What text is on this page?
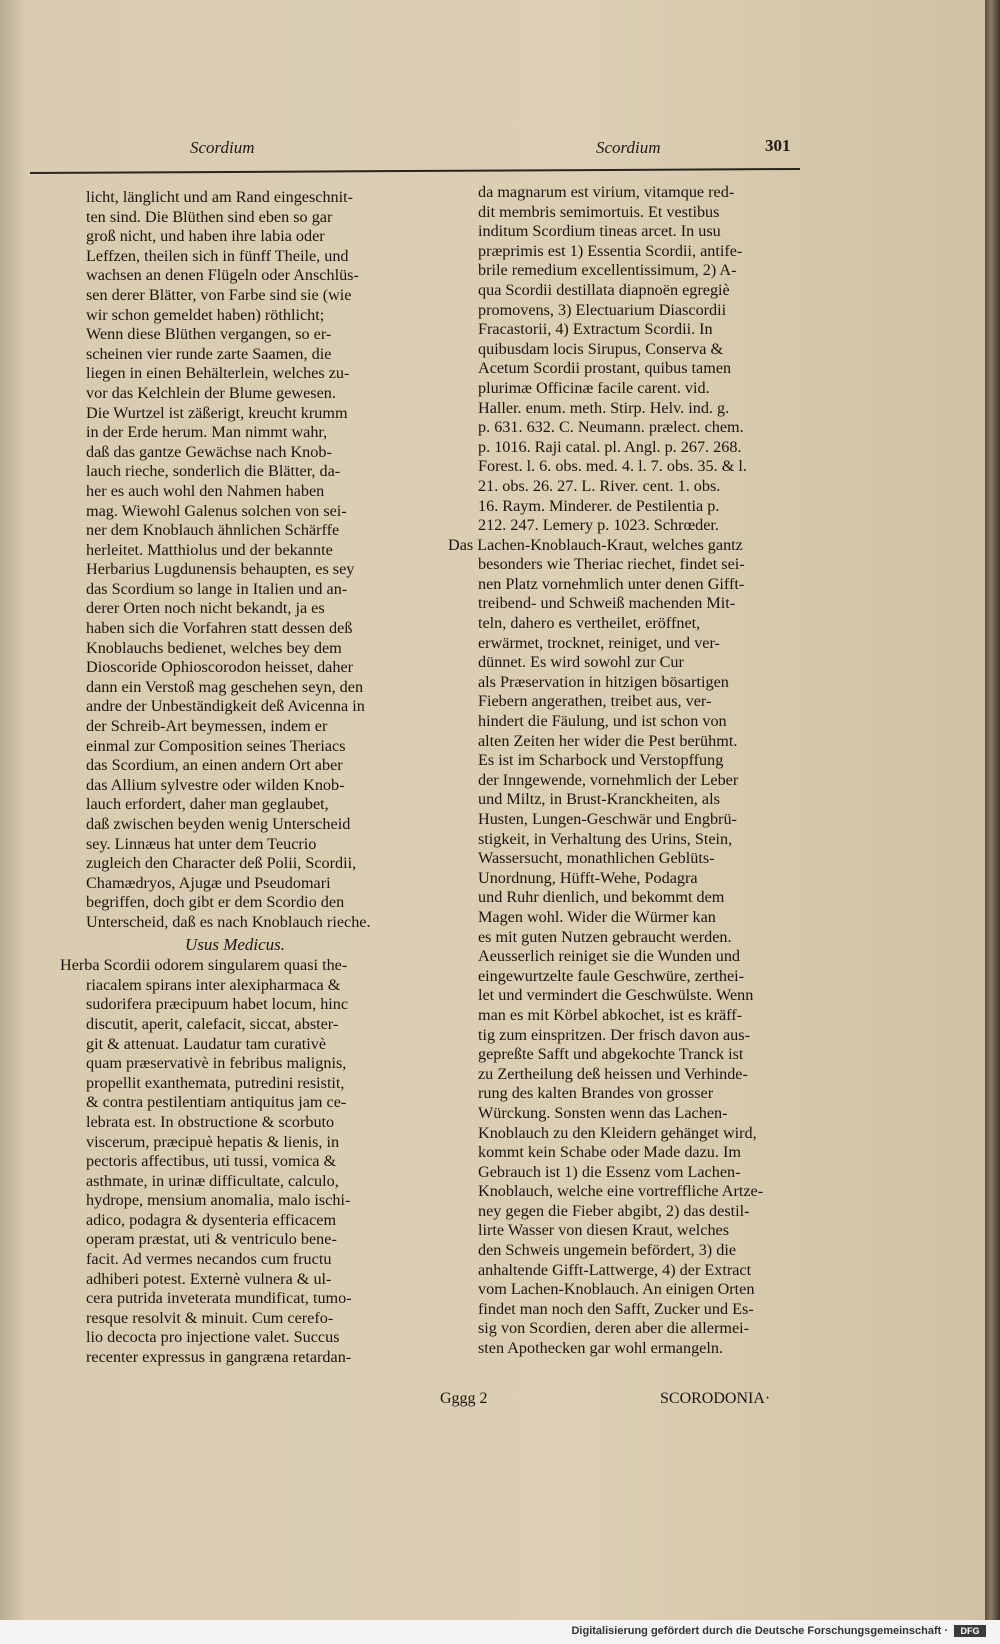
Scordium	Scordium	301
licht, länglicht und am Rand eingeschnit-
ten sind. Die Blüthen sind eben so gar
groß nicht, und haben ihre labia oder
Leffzen, theilen sich in fünff Theile, und
wachsen an denen Flügeln oder Anschlüs-
sen derer Blätter, von Farbe sind sie (wie
wir schon gemeldet haben) röthlicht;
Wenn diese Blüthen vergangen, so er-
scheinen vier runde zarte Saamen, die
liegen in einen Behälterlein, welches zu-
vor das Kelchlein der Blume gewesen.
Die Wurtzel ist zäßerigt, kreucht krumm
in der Erde herum. Man nimmt wahr,
daß das gantze Gewächse nach Knob-
lauch rieche, sonderlich die Blätter, da-
her es auch wohl den Nahmen haben
mag. Wiewohl Galenus solchen von sei-
ner dem Knoblauch ähnlichen Schärffe
herleitet. Matthiolus und der bekannte
Herbarius Lugdunensis behaupten, es sey
das Scordium so lange in Italien und an-
derer Orten noch nicht bekandt, ja es
haben sich die Vorfahren statt dessen deß
Knoblauchs bedienet, welches bey dem
Dioscoride Ophioscorodon heisset, daher
dann ein Verstoß mag geschehen seyn, den
andre der Unbeständigkeit deß Avicenna in
der Schreib-Art beymessen, indem er
einmal zur Composition seines Theriacs
das Scordium, an einen andern Ort aber
das Allium sylvestre oder wilden Knob-
lauch erfordert, daher man geglaubet,
daß zwischen beyden wenig Unterscheid
sey. Linnæus hat unter dem Teucrio
zugleich den Character deß Polii, Scordii,
Chamædryos, Ajugæ und Pseudomari
begriffen, doch gibt er dem Scordio den
Unterscheid, daß es nach Knoblauch rieche.
Usus Medicus.
Herba Scordii odorem singularem quasi the-
riacalem spirans inter alexipharmaca &
sudorifera præcipuum habet locum, hinc
discutit, aperit, calefacit, siccat, abster-
git & attenuat. Laudatur tam curativè
quam præservativè in febribus malignis,
propellit exanthemata, putredini resistit,
& contra pestilentiam antiquitus jam ce-
lebrata est. In obstructione & scorbuto
viscerum, præcipuè hepatis & lienis, in
pectoris affectibus, uti tussi, vomica &
asthmate, in urinæ difficultate, calculo,
hydrope, mensium anomalia, malo ischi-
adico, podagra & dysenteria efficacem
operam præstat, uti & ventriculo bene-
facit. Ad vermes necandos cum fructu
adhiberi potest. Externè vulnera & ul-
cera putrida inveterata mundificat, tumo-
resque resolvit & minuit. Cum cerefo-
lio decocta pro injectione valet. Succus
recenter expressus in gangræna retardan-
da magnarum est virium, vitamque red-
dit membris semimortuis. Et vestibus
inditum Scordium tineas arcet. In usu
præprimis est 1) Essentia Scordii, antife-
brile remedium excellentissimum, 2) A-
qua Scordii destillata diapnoën egregiè
promovens, 3) Electuarium Diascordii
Fracastorii, 4) Extractum Scordii. In
quibusdam locis Sirupus, Conserva &
Acetum Scordii prostant, quibus tamen
plurimæ Officinæ facile carent. vid.
Haller. enum. meth. Stirp. Helv. ind. g.
p. 631. 632. C. Neumann. prælect. chem.
p. 1016. Raji catal. pl. Angl. p. 267. 268.
Forest. l. 6. obs. med. 4. l. 7. obs. 35. & l.
21. obs. 26. 27. L. River. cent. 1. obs.
16. Raym. Minderer. de Pestilentia p.
212. 247. Lemery p. 1023. Schrœder.
Das Lachen-Knoblauch-Kraut, welches gantz
besonders wie Theriac riechet, findet sei-
nen Platz vornehmlich unter denen Gifft-
treibend- und Schweiß machenden Mit-
teln, dahero es vertheilet, eröffnet,
erwärmet, trocknet, reiniget, und ver-
dünnet. Es wird sowohl zur Cur
als Præservation in hitzigen bösartigen
Fiebern angerathen, treibet aus, ver-
hindert die Fäulung, und ist schon von
alten Zeiten her wider die Pest berühmt.
Es ist im Scharbock und Verstopffung
der Inngewende, vornehmlich der Leber
und Miltz, in Brust-Kranckheiten, als
Husten, Lungen-Geschwär und Engbrü-
stigkeit, in Verhaltung des Urins, Stein,
Wassersucht, monathlichen Geblüts-
Unordnung, Hüfft-Wehe, Podagra
und Ruhr dienlich, und bekommt dem
Magen wohl. Wider die Würmer kan
es mit guten Nutzen gebraucht werden.
Aeusserlich reiniget sie die Wunden und
eingewurtzelte faule Geschwüre, zerthei-
let und vermindert die Geschwülste. Wenn
man es mit Körbel abkochet, ist es kräff-
tig zum einspritzen. Der frisch davon aus-
gepreßte Safft und abgekochte Tranck ist
zu Zertheilung deß heissen und Verhinde-
rung des kalten Brandes von grosser
Würckung. Sonsten wenn das Lachen-
Knoblauch zu den Kleidern gehänget wird,
kommt kein Schabe oder Made dazu. Im
Gebrauch ist 1) die Essenz vom Lachen-
Knoblauch, welche eine vortreffliche Artze-
ney gegen die Fieber abgibt, 2) das destil-
lirte Wasser von diesen Kraut, welches
den Schweis ungemein befördert, 3) die
anhaltende Gifft-Lattwerge, 4) der Extract
vom Lachen-Knoblauch. An einigen Orten
findet man noch den Safft, Zucker und Es-
sig von Scordien, deren aber die allermei-
sten Apothecken gar wohl ermangeln.
Gggg 2	SCORODONIA·
Digitalisierung gefördert durch die Deutsche Forschungsgemeinschaft ·	DFG
